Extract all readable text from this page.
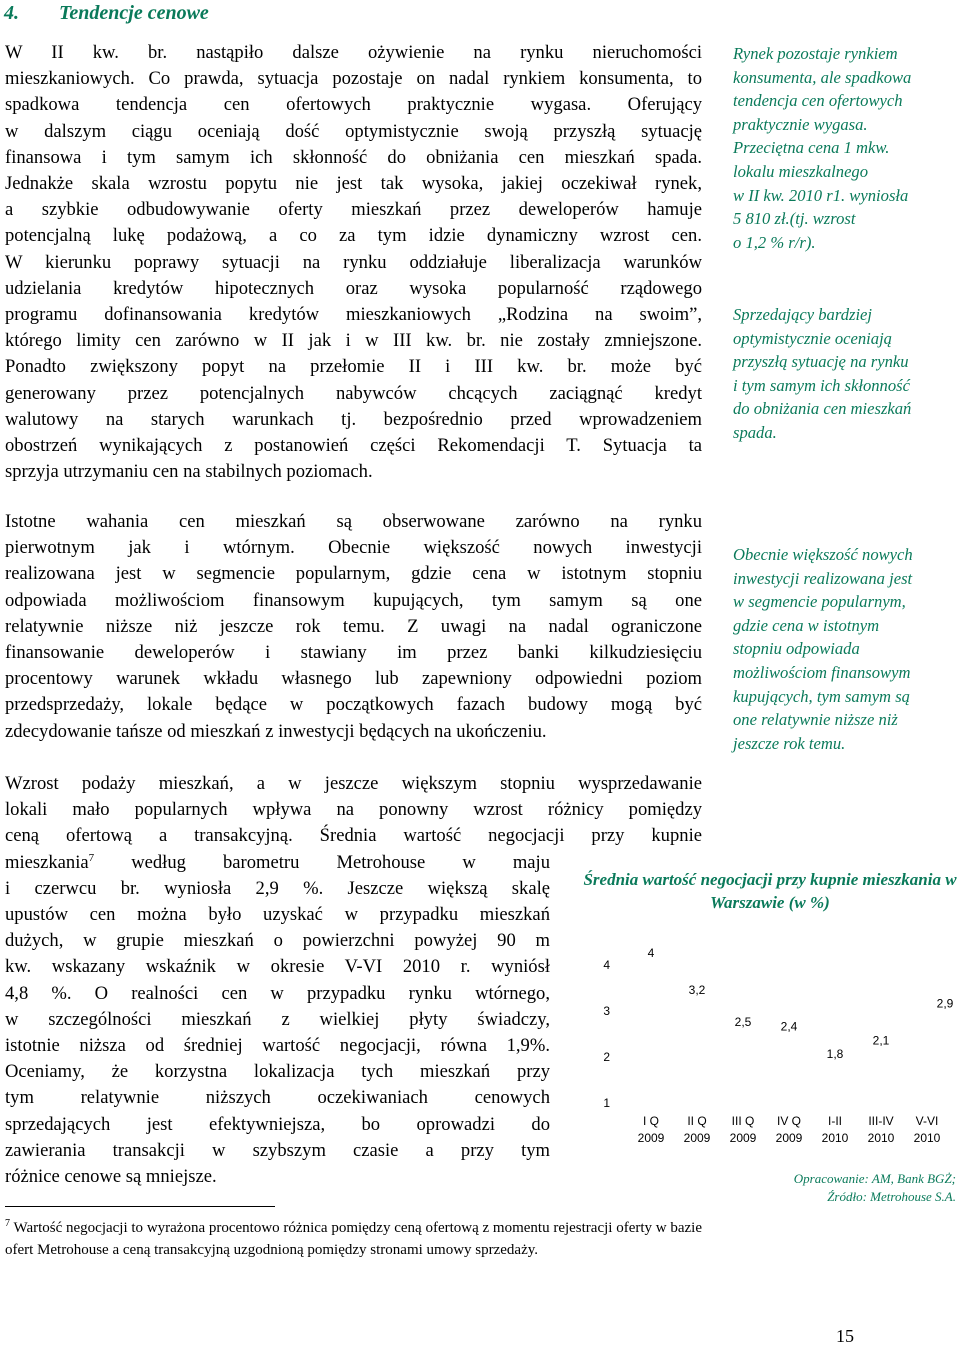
4. Tendencje cenowe
W II kw. br. nastąpiło dalsze ożywienie na rynku nieruchomości
mieszkaniowych. Co prawda, sytuacja pozostaje on nadal rynkiem konsumenta, to
spadkowa tendencja cen ofertowych praktycznie wygasa. Oferujący
w dalszym ciągu oceniają dość optymistycznie swoją przyszłą sytuację
finansowa i tym samym ich skłonność do obniżania cen mieszkań spada.
Jednakże skala wzrostu popytu nie jest tak wysoka, jakiej oczekiwał rynek,
a szybkie odbudowywanie oferty mieszkań przez deweloperów hamuje
potencjalną lukę podażową, a co za tym idzie dynamiczny wzrost cen.
W kierunku poprawy sytuacji na rynku oddziałuje liberalizacja warunków
udzielania kredytów hipotecznych oraz wysoka popularność rządowego
programu dofinansowania kredytów mieszkaniowych „Rodzina na swoim”,
którego limity cen zarówno w II jak i w III kw. br. nie zostały zmniejszone.
Ponadto zwiększony popyt na przełomie II i III kw. br. może być
generowany przez potencjalnych nabywców chcących zaciągnąć kredyt
walutowy na starych warunkach tj. bezpośrednio przed wprowadzeniem
obostrzeń wynikających z postanowień części Rekomendacji T. Sytuacja ta
sprzyja utrzymaniu cen na stabilnych poziomach.
Istotne wahania cen mieszkań są obserwowane zarówno na rynku
pierwotnym jak i wtórnym. Obecnie większość nowych inwestycji
realizowana jest w segmencie popularnym, gdzie cena w istotnym stopniu
odpowiada możliwościom finansowym kupujących, tym samym są one
relatywnie niższe niż jeszcze rok temu. Z uwagi na nadal ograniczone
finansowanie deweloperów i stawiany im przez banki kilkudziesięciu
procentowy warunek wkładu własnego lub zapewniony odpowiedni poziom
przedsprzedaży, lokale będące w początkowych fazach budowy mogą być
zdecydowanie tańsze od mieszkań z inwestycji będących na ukończeniu.
Wzrost podaży mieszkań, a w jeszcze większym stopniu wysprzedawanie
lokali mało popularnych wpływa na ponowny wzrost różnicy pomiędzy
ceną ofertową a transakcyjną. Średnia wartość negocjacji przy kupnie
mieszkania$^7$ według barometru Metrohouse w maju
i czerwcu br. wyniosła 2,9 %. Jeszcze większą skalę
upustów cen można było uzyskać w przypadku mieszkań
dużych, w grupie mieszkań o powierzchni powyżej 90 m
kw. wskazany wskaźnik w okresie V-VI 2010 r. wyniósł
4,8 %. O realności cen w przypadku rynku wtórnego,
w szczególności mieszkań z wielkiej płyty świadczy,
istotnie niższa od średniej wartość negocjacji, równa 1,9%.
Oceniamy, że korzystna lokalizacja tych mieszkań przy
tym relatywnie niższych oczekiwaniach cenowych
sprzedających jest efektywniejsza, bo oprowadzi do
zawierania transakcji w szybszym czasie a przy tym
różnice cenowe są mniejsze.
Rynek pozostaje rynkiem
konsumenta, ale spadkowa
tendencja cen ofertowych
praktycznie wygasa.
Przeciętna cena 1 mkw.
lokalu mieszkalnego
w II kw. 2010 r1. wyniosła
5 810 zł.(tj. wzrost
o 1,2 % r/r).
Sprzedający bardziej
optymistycznie oceniają
przyszłą sytuację na rynku
i tym samym ich skłonność
do obniżania cen mieszkań
spada.
Obecnie większość nowych
inwestycji realizowana jest
w segmencie popularnym,
gdzie cena w istotnym
stopniu odpowiada
możliwościom finansowym
kupujących, tym samym są
one relatywnie niższe niż
jeszcze rok temu.
Średnia wartość negocjacji przy kupnie mieszkania w Warszawie (w %)
4
3
2
1
4
I Q
2009
3,2
II Q
2009
2,5
III Q
2009
2,4
IV Q
2009
1,8
I-II
2010
2,1
III-IV
2010
2,9
V-VI
2010
Opracowanie: AM, Bank BGŻ;
Źródło: Metrohouse S.A.

$^7$ Wartość negocjacji to wyrażona procentowo różnica pomiędzy ceną ofertową z momentu rejestracji oferty w bazie ofert Metrohouse a ceną transakcyjną uzgodnioną pomiędzy stronami umowy sprzedaży.

15
